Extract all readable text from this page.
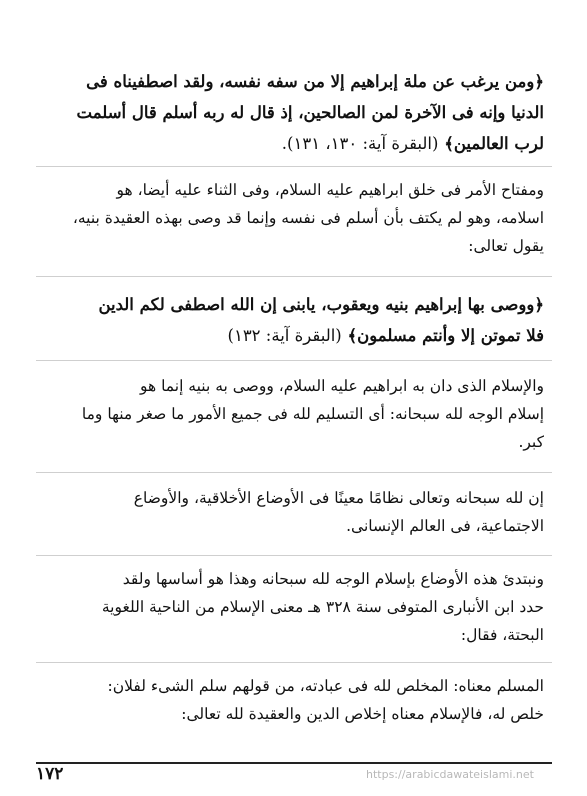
﴿ومن يرغب عن ملة إبراهيم إلا من سفه نفسه، ولقد اصطفيناه فى
الدنيا وإنه فى الآخرة لمن الصالحين، إذ قال له ربه أسلم قال أسلمت
لرب العالمين﴾ (البقرة آية: ١٣٠، ١٣١).
ومفتاح الأمر فى خلق ابراهيم عليه السلام، وفى الثناء عليه أيضا، هو
اسلامه، وهو لم يكتف بأن أسلم فى نفسه وإنما قد وصى بهذه العقيدة بنيه،
يقول تعالى:
﴿ووصى بها إبراهيم بنيه ويعقوب، يابنى إن الله اصطفى لكم الدين
فلا تموتن إلا وأنتم مسلمون﴾ (البقرة آية: ١٣٢)
والإسلام الذى دان به ابراهيم عليه السلام، ووصى به بنيه إنما هو
إسلام الوجه لله سبحانه: أى التسليم لله فى جميع الأمور ما صغر منها وما
كبر.
إن لله سبحانه وتعالى نظامًا معينًا فى الأوضاع الأخلاقية، والأوضاع
الاجتماعية، فى العالم الإنسانى.
ونبتدئ هذه الأوضاع بإسلام الوجه لله سبحانه وهذا هو أساسها ولقد
حدد ابن الأنبارى المتوفى سنة ٣٢٨ هـ معنى الإسلام من الناحية اللغوية
البحتة، فقال:
المسلم معناه: المخلص لله فى عبادته، من قولهم سلم الشىء لفلان:
خلص له، فالإسلام معناه إخلاص الدين والعقيدة لله تعالى:
https://arabicdawateislami.net
١٧٢
